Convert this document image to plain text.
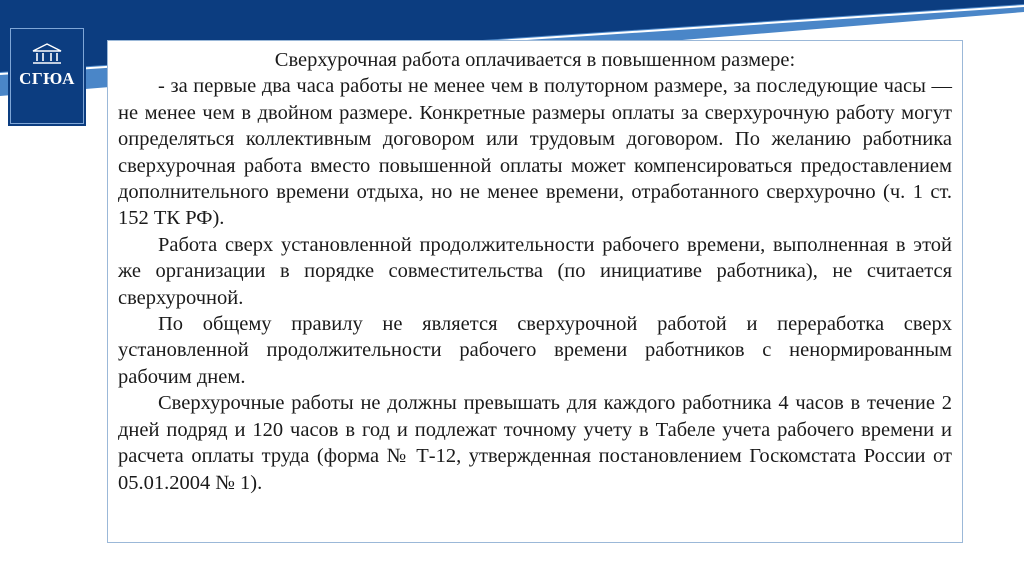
СГЮА

Сверхурочная работа оплачивается в повышенном размере:

- за первые два часа работы не менее чем в полуторном размере, за последующие часы — не менее чем в двойном размере. Конкретные размеры оплаты за сверхурочную работу могут определяться коллективным договором или трудовым договором. По желанию работника сверхурочная работа вместо повышенной оплаты может компенсироваться предоставлением дополнительного времени отдыха, но не менее времени, отработанного сверхурочно (ч. 1 ст. 152 ТК РФ).

Работа сверх установленной продолжительности рабочего времени, выполненная в этой же организации в порядке совместительства (по инициативе работника), не считается сверхурочной.

По общему правилу не является сверхурочной работой и переработка сверх установленной продолжительности рабочего времени работников с ненормированным рабочим днем.

Сверхурочные работы не должны превышать для каждого работника 4 часов в течение 2 дней подряд и 120 часов в год и подлежат точному учету в Табеле учета рабочего времени и расчета оплаты труда (форма № Т-12, утвержденная постановлением Госкомстата России от 05.01.2004 № 1).
